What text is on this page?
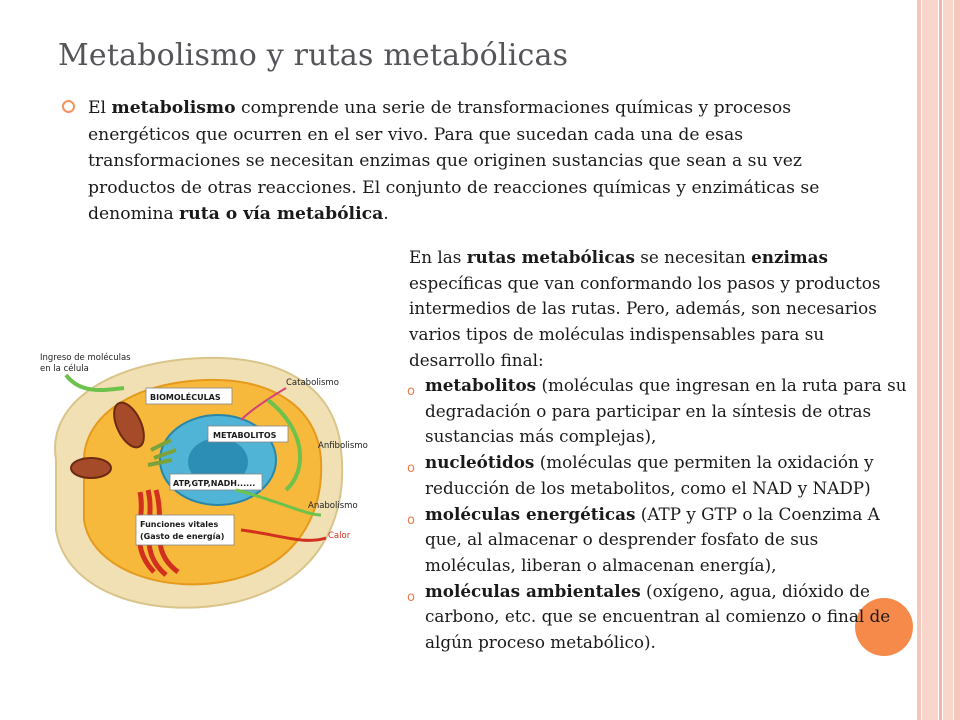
Metabolismo y rutas metabólicas

El metabolismo comprende una serie de transformaciones químicas y procesos energéticos que ocurren en el ser vivo. Para que sucedan cada una de esas transformaciones se necesitan enzimas que originen sustancias que sean a su vez productos de otras reacciones. El conjunto de reacciones químicas y enzimáticas se denomina ruta o vía metabólica.

En las rutas metabólicas se necesitan enzimas específicas que van conformando los pasos y productos intermedios de las rutas. Pero, además, son necesarios varios tipos de moléculas indispensables para su desarrollo final:

o metabolitos (moléculas que ingresan en la ruta para su degradación o para participar en la síntesis de otras sustancias más complejas),
o nucleótidos (moléculas que permiten la oxidación y reducción de los metabolitos, como el NAD y NADP)
o moléculas energéticas (ATP y GTP o la Coenzima A que, al almacenar o desprender fosfato de sus moléculas, liberan o almacenan energía),
o moléculas ambientales (oxígeno, agua, dióxido de carbono, etc. que se encuentran al comienzo o final de algún proceso metabólico).
BIOMOLÉCULAS
METABOLITOS
ATP,GTP,NADH......
Funciones vitales
(Gasto de energía)
Ingreso de moléculas
en la célula
Catabolismo
Anfibolismo
Anabolismo
Calor
